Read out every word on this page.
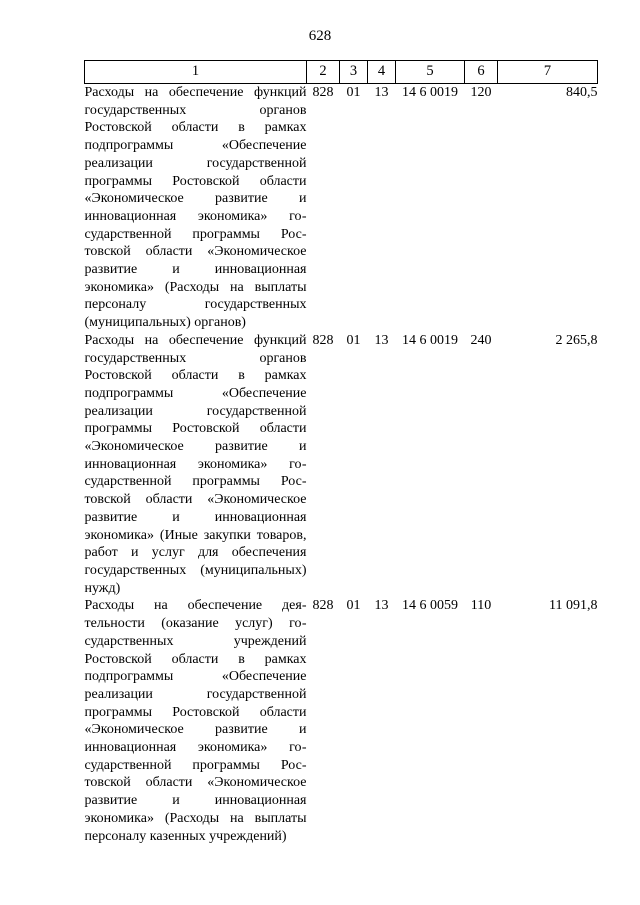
628
1	2	3	4	5	6	7
Расходы на обеспечение функций государственных органов Ростовской области в рамках подпрограммы «Обеспечение реализации государственной программы Ростовской области «Экономическое развитие и инновационная экономика» государственной программы Ростовской области «Экономическое развитие и инновационная экономика» (Расходы на выплаты персоналу государственных (муниципальных) органов)	828	01	13	14 6 0019	120	840,5
Расходы на обеспечение функций государственных органов Ростовской области в рамках подпрограммы «Обеспечение реализации государственной программы Ростовской области «Экономическое развитие и инновационная экономика» государственной программы Ростовской области «Экономическое развитие и инновационная экономика» (Иные закупки товаров, работ и услуг для обеспечения государственных (муниципальных) нужд)	828	01	13	14 6 0019	240	2 265,8
Расходы на обеспечение деятельности (оказание услуг) государственных учреждений Ростовской области в рамках подпрограммы «Обеспечение реализации государственной программы Ростовской области «Экономическое развитие и инновационная экономика» государственной программы Ростовской области «Экономическое развитие и инновационная экономика» (Расходы на выплаты персоналу казенных учреждений)	828	01	13	14 6 0059	110	11 091,8
